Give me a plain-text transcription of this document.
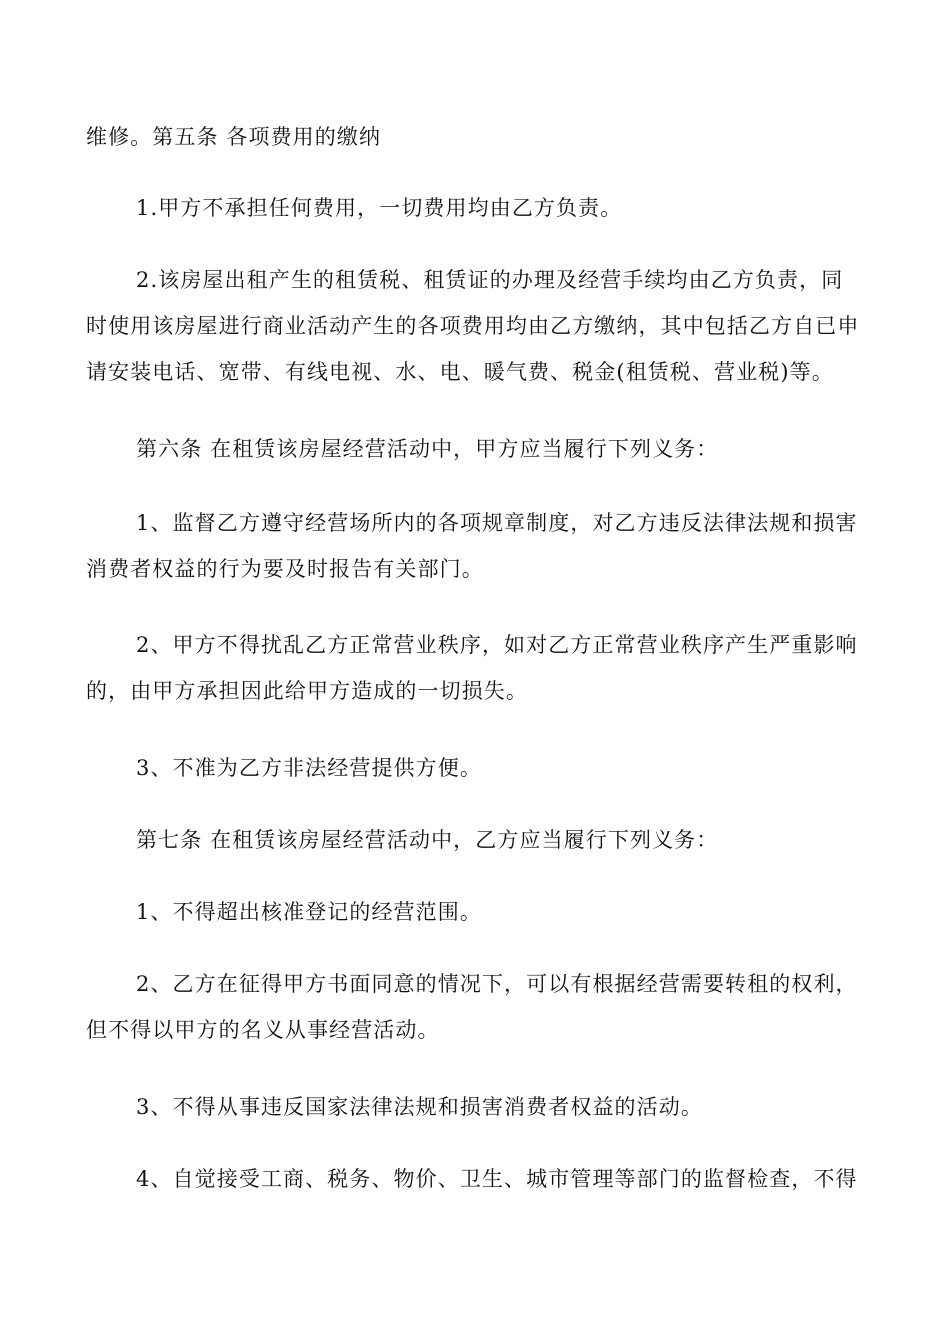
维修。第五条 各项费用的缴纳

1.甲方不承担任何费用，一切费用均由乙方负责。

2.该房屋出租产生的租赁税、租赁证的办理及经营手续均由乙方负责，同时使用该房屋进行商业活动产生的各项费用均由乙方缴纳，其中包括乙方自已申请安装电话、宽带、有线电视、水、电、暖气费、税金(租赁税、营业税)等。

第六条 在租赁该房屋经营活动中，甲方应当履行下列义务：

1、监督乙方遵守经营场所内的各项规章制度，对乙方违反法律法规和损害消费者权益的行为要及时报告有关部门。

2、甲方不得扰乱乙方正常营业秩序，如对乙方正常营业秩序产生严重影响的，由甲方承担因此给甲方造成的一切损失。

3、不准为乙方非法经营提供方便。

第七条 在租赁该房屋经营活动中，乙方应当履行下列义务：

1、不得超出核准登记的经营范围。

2、乙方在征得甲方书面同意的情况下，可以有根据经营需要转租的权利，但不得以甲方的名义从事经营活动。

3、不得从事违反国家法律法规和损害消费者权益的活动。

4、自觉接受工商、税务、物价、卫生、城市管理等部门的监督检查，不得
